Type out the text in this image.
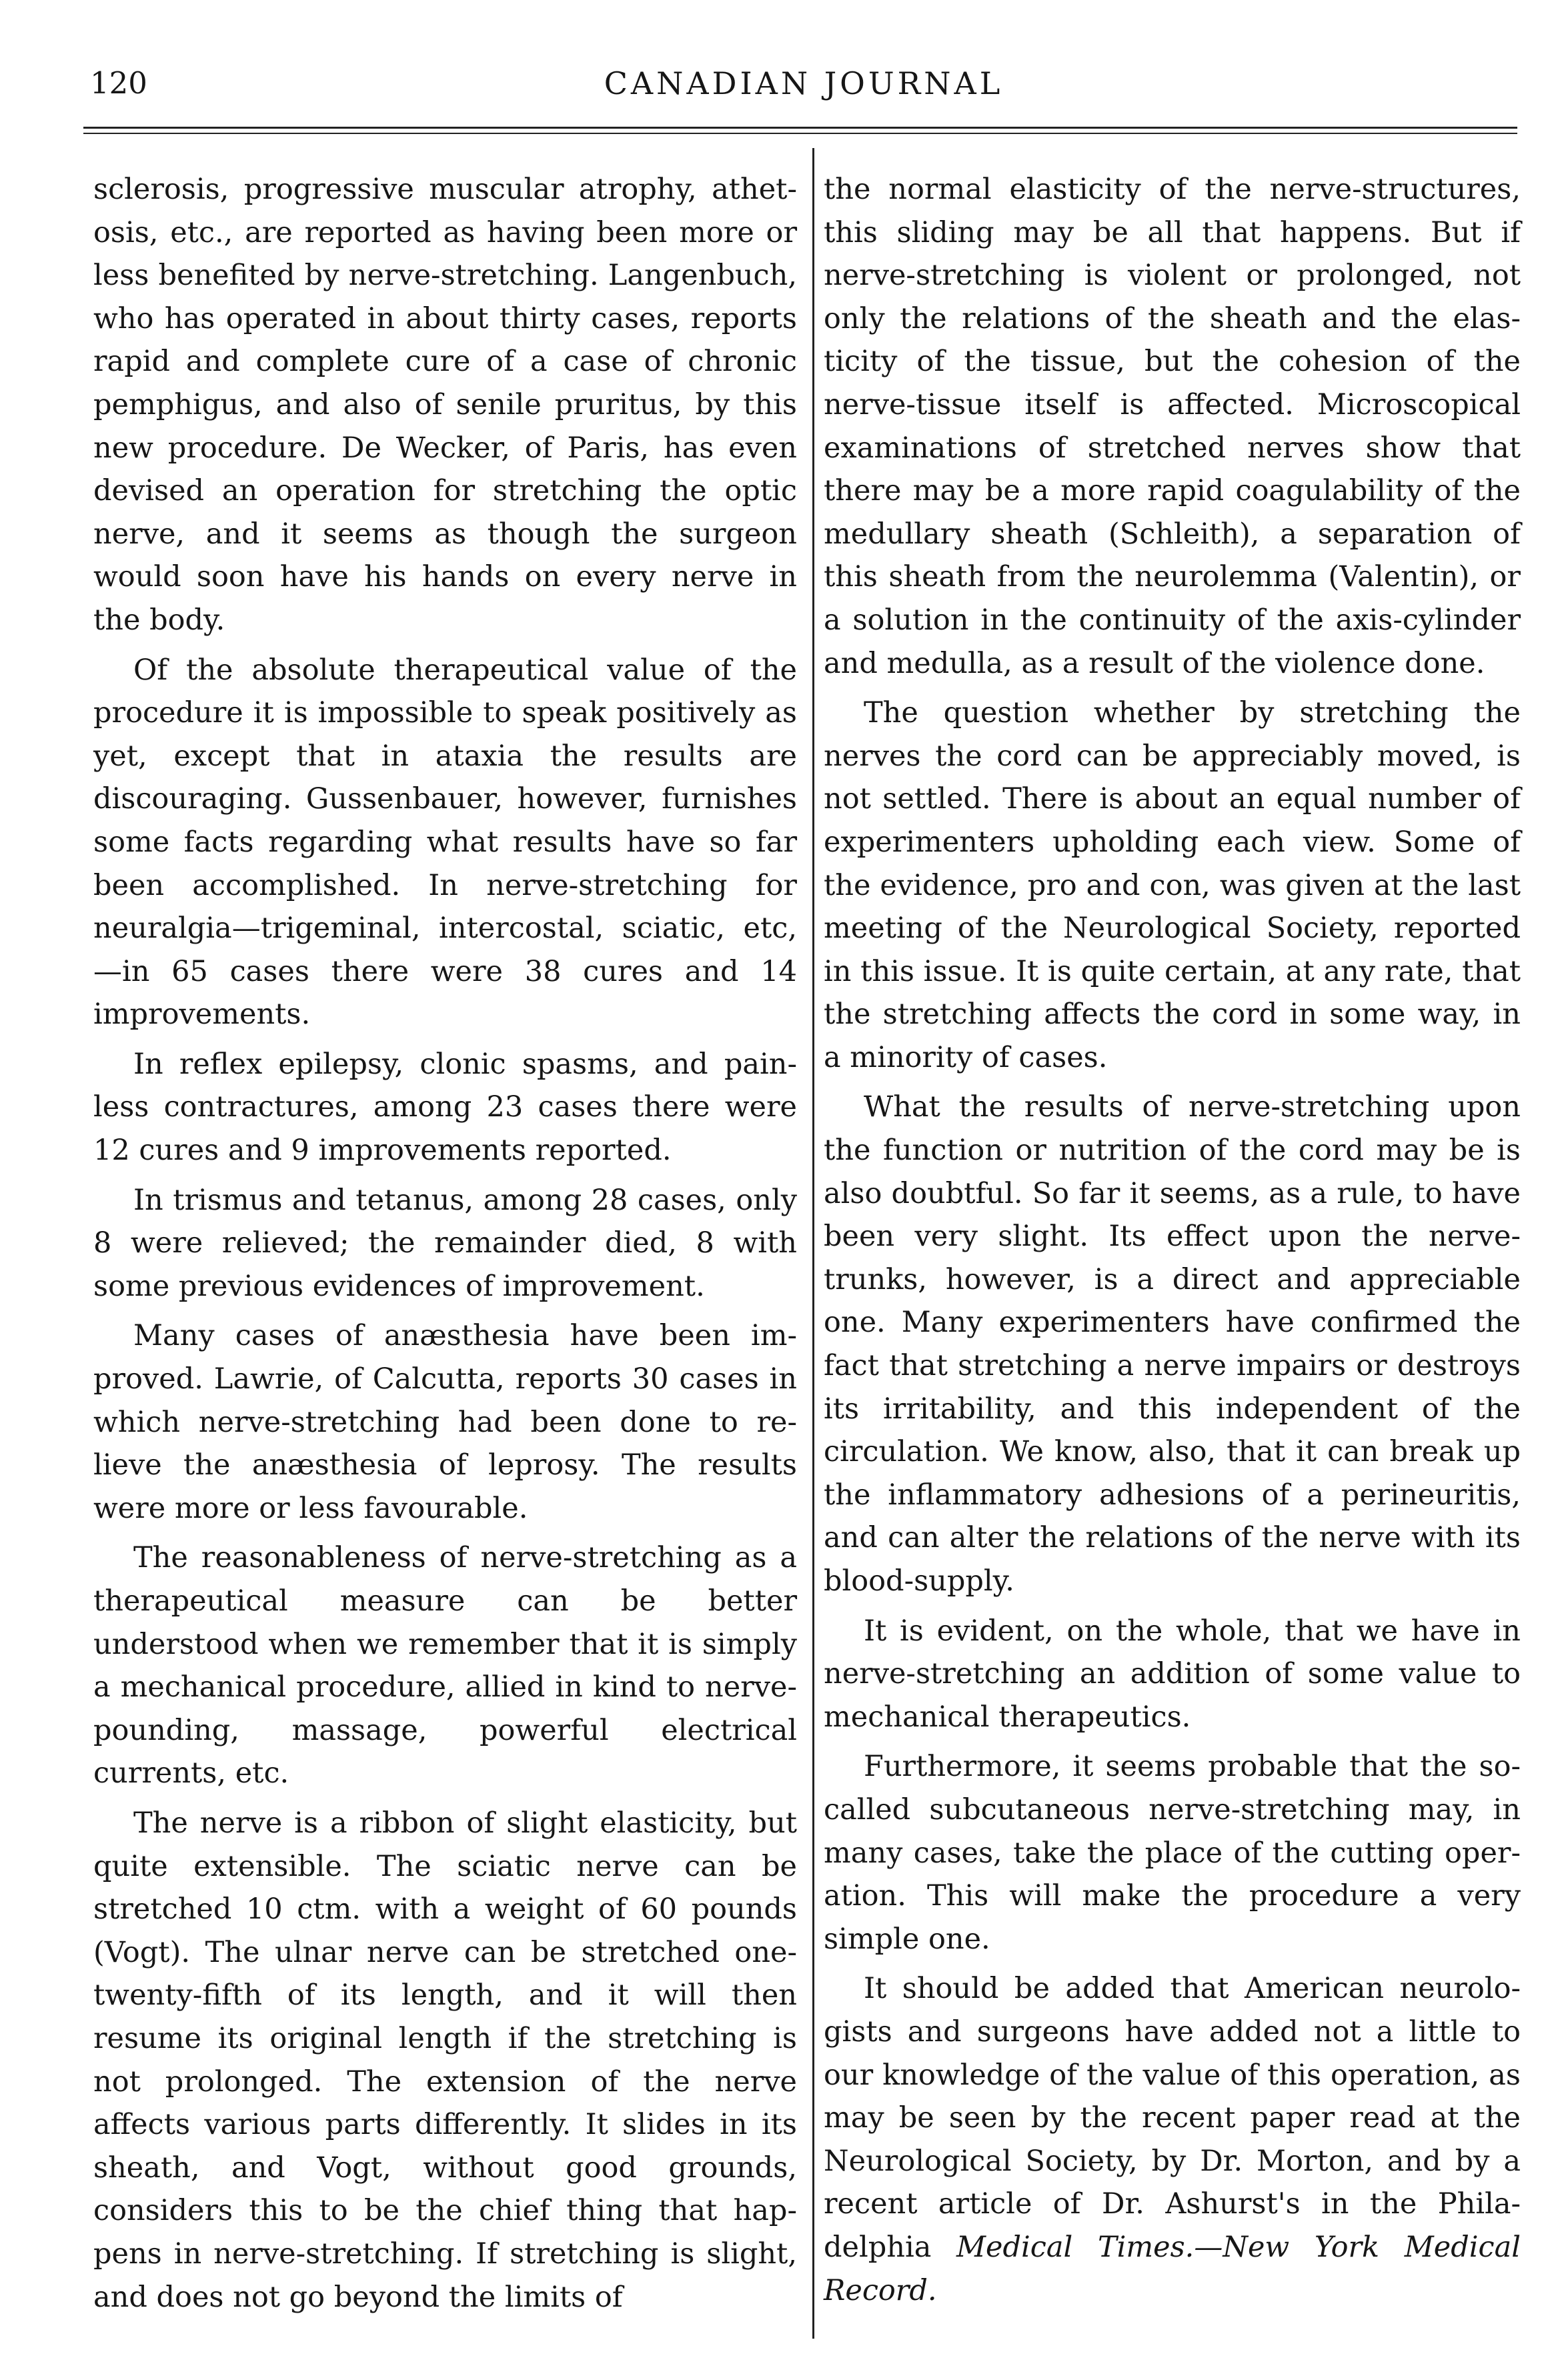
120	CANADIAN JOURNAL

sclerosis, progressive muscular atrophy, athetosis, etc., are reported as having been more or less benefited by nerve-stretching. Langenbuch, who has operated in about thirty cases, reports rapid and complete cure of a case of chronic pemphigus, and also of senile pruritus, by this new procedure. De Wecker, of Paris, has even devised an operation for stretching the optic nerve, and it seems as though the surgeon would soon have his hands on every nerve in the body.

Of the absolute therapeutical value of the procedure it is impossible to speak positively as yet, except that in ataxia the results are discouraging. Gussenbauer, however, furnishes some facts regarding what results have so far been accomplished. In nerve-stretching for neuralgia—trigeminal, intercostal, sciatic, etc,—in 65 cases there were 38 cures and 14 improvements.

In reflex epilepsy, clonic spasms, and painless contractures, among 23 cases there were 12 cures and 9 improvements reported.

In trismus and tetanus, among 28 cases, only 8 were relieved; the remainder died, 8 with some previous evidences of improvement.

Many cases of anæsthesia have been improved. Lawrie, of Calcutta, reports 30 cases in which nerve-stretching had been done to relieve the anæsthesia of leprosy. The results were more or less favourable.

The reasonableness of nerve-stretching as a therapeutical measure can be better understood when we remember that it is simply a mechanical procedure, allied in kind to nerve-pounding, massage, powerful electrical currents, etc.

The nerve is a ribbon of slight elasticity, but quite extensible. The sciatic nerve can be stretched 10 ctm. with a weight of 60 pounds (Vogt). The ulnar nerve can be stretched one-twenty-fifth of its length, and it will then resume its original length if the stretching is not prolonged. The extension of the nerve affects various parts differently. It slides in its sheath, and Vogt, without good grounds, considers this to be the chief thing that happens in nerve-stretching. If stretching is slight, and does not go beyond the limits of

the normal elasticity of the nerve-structures, this sliding may be all that happens. But if nerve-stretching is violent or prolonged, not only the relations of the sheath and the elasticity of the tissue, but the cohesion of the nerve-tissue itself is affected. Microscopical examinations of stretched nerves show that there may be a more rapid coagulability of the medullary sheath (Schleith), a separation of this sheath from the neurolemma (Valentin), or a solution in the continuity of the axis-cylinder and medulla, as a result of the violence done.

The question whether by stretching the nerves the cord can be appreciably moved, is not settled. There is about an equal number of experimenters upholding each view. Some of the evidence, pro and con, was given at the last meeting of the Neurological Society, reported in this issue. It is quite certain, at any rate, that the stretching affects the cord in some way, in a minority of cases.

What the results of nerve-stretching upon the function or nutrition of the cord may be is also doubtful. So far it seems, as a rule, to have been very slight. Its effect upon the nerve-trunks, however, is a direct and appreciable one. Many experimenters have confirmed the fact that stretching a nerve impairs or destroys its irritability, and this independent of the circulation. We know, also, that it can break up the inflammatory adhesions of a perineuritis, and can alter the relations of the nerve with its blood-supply.

It is evident, on the whole, that we have in nerve-stretching an addition of some value to mechanical therapeutics.

Furthermore, it seems probable that the so-called subcutaneous nerve-stretching may, in many cases, take the place of the cutting operation. This will make the procedure a very simple one.

It should be added that American neurologists and surgeons have added not a little to our knowledge of the value of this operation, as may be seen by the recent paper read at the Neurological Society, by Dr. Morton, and by a recent article of Dr. Ashurst's in the Philadelphia Medical Times.—New York Medical Record.
